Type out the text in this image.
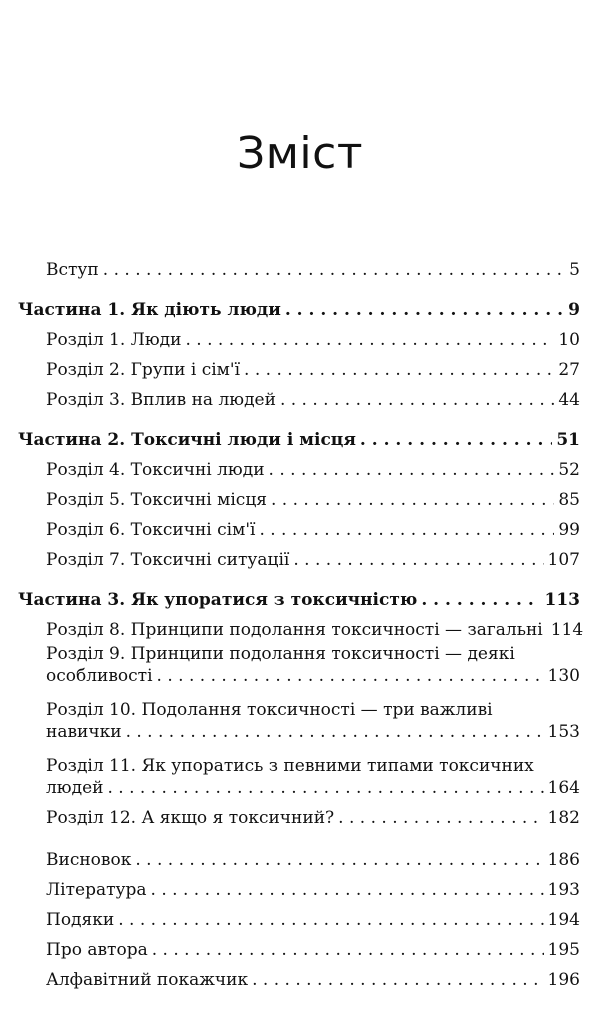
Зміст
Вступ . . .	5
Частина 1. Як діють люди . . .	9
Розділ 1. Люди . . .	10
Розділ 2. Групи і сім'ї . . .	27
Розділ 3. Вплив на людей . . .	44
Частина 2. Токсичні люди і місця . . .	51
Розділ 4. Токсичні люди . . .	52
Розділ 5. Токсичні місця . . .	85
Розділ 6. Токсичні сім'ї . . .	99
Розділ 7. Токсичні ситуації . . .	107
Частина 3. Як упоратися з токсичністю . . .	113
Розділ 8. Принципи подолання токсичності — загальні 114
Розділ 9. Принципи подолання токсичності — деякі
особливості . . .	130
Розділ 10. Подолання токсичності — три важливі
навички . . .	153
Розділ 11. Як упоратись з певними типами токсичних
людей . . .	164
Розділ 12. А якщо я токсичний? . . .	182
Висновок . . .	186
Література . . .	193
Подяки . . .	194
Про автора . . .	195
Алфавітний покажчик . . .	196
